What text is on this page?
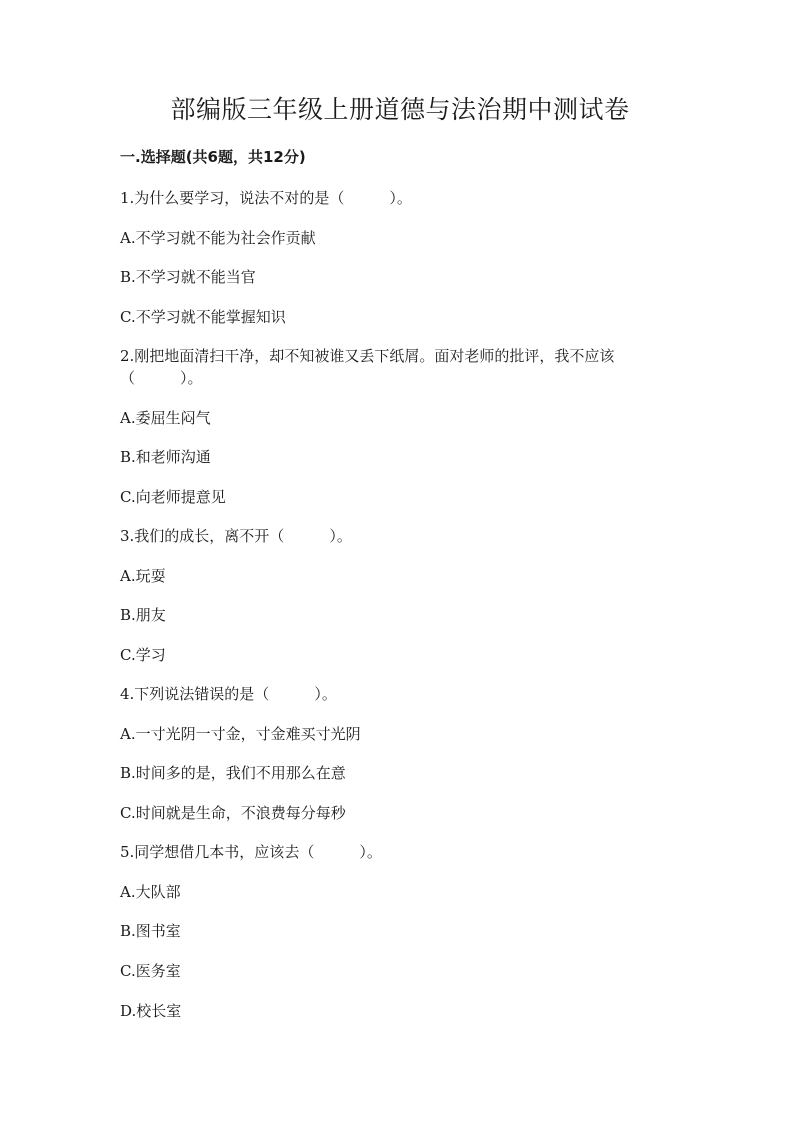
部编版三年级上册道德与法治期中测试卷
一.选择题(共6题，共12分)
1.为什么要学习，说法不对的是（	）。
A.不学习就不能为社会作贡献
B.不学习就不能当官
C.不学习就不能掌握知识
2.刚把地面清扫干净，却不知被谁又丢下纸屑。面对老师的批评，我不应该
（	）。
A.委屈生闷气
B.和老师沟通
C.向老师提意见
3.我们的成长，离不开（	）。
A.玩耍
B.朋友
C.学习
4.下列说法错误的是（	）。
A.一寸光阴一寸金，寸金难买寸光阴
B.时间多的是，我们不用那么在意
C.时间就是生命，不浪费每分每秒
5.同学想借几本书，应该去（	）。
A.大队部
B.图书室
C.医务室
D.校长室
